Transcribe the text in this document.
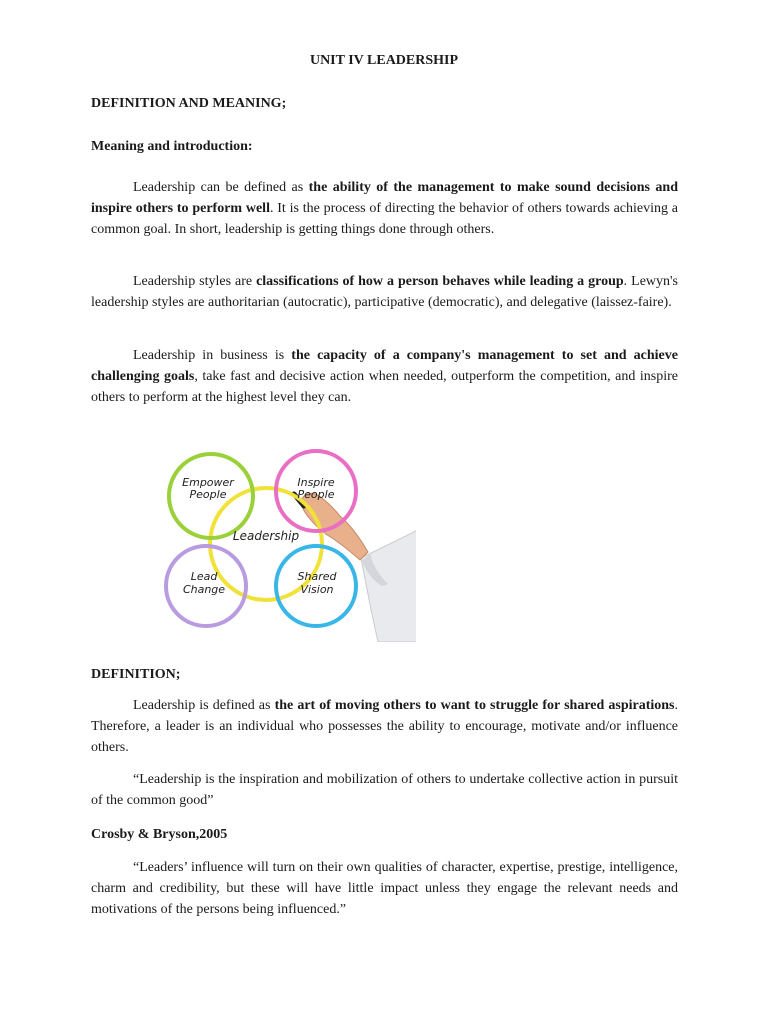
UNIT IV LEADERSHIP
DEFINITION AND MEANING;
Meaning and introduction:

Leadership can be defined as the ability of the management to make sound decisions and inspire others to perform well. It is the process of directing the behavior of others towards achieving a common goal. In short, leadership is getting things done through others.

Leadership styles are classifications of how a person behaves while leading a group. Lewyn's leadership styles are authoritarian (autocratic), participative (democratic), and delegative (laissez-faire).

Leadership in business is the capacity of a company's management to set and achieve challenging goals, take fast and decisive action when needed, outperform the competition, and inspire others to perform at the highest level they can.

Empower
People
Inspire
People
Lead
Change
Shared
Vision
Leadership
DEFINITION;

Leadership is defined as the art of moving others to want to struggle for shared aspirations. Therefore, a leader is an individual who possesses the ability to encourage, motivate and/or influence others.

“Leadership is the inspiration and mobilization of others to undertake collective action in pursuit of the common good”

Crosby & Bryson,2005

“Leaders’ influence will turn on their own qualities of character, expertise, prestige, intelligence, charm and credibility, but these will have little impact unless they engage the relevant needs and motivations of the persons being influenced.”
